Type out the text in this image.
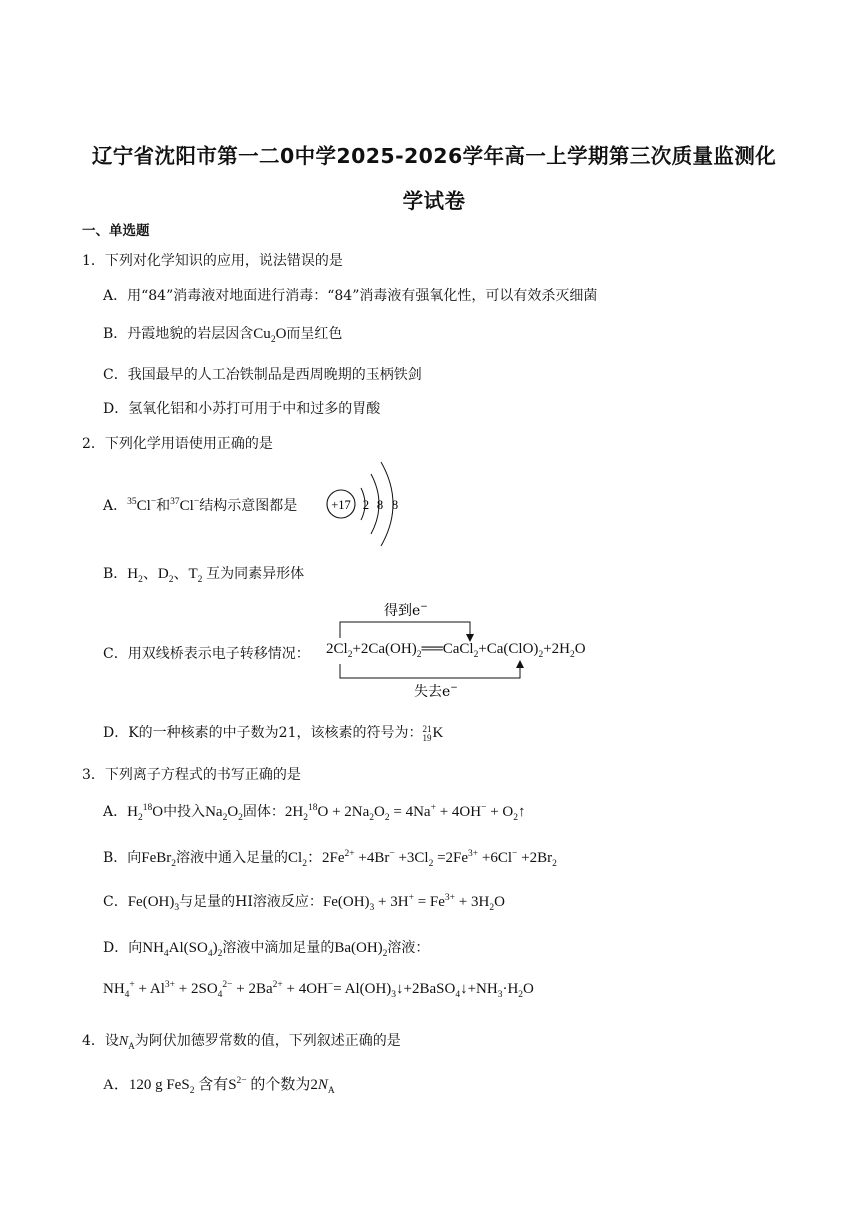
辽宁省沈阳市第一二0中学2025-2026学年高一上学期第三次质量监测化
学试卷
一、单选题
1．下列对化学知识的应用，说法错误的是
A．用“84”消毒液对地面进行消毒：“84”消毒液有强氧化性，可以有效杀灭细菌
B．丹霞地貌的岩层因含$Cu_2O$而呈红色
C．我国最早的人工冶铁制品是西周晚期的玉柄铁剑
D．氢氧化铝和小苏打可用于中和过多的胃酸
2．下列化学用语使用正确的是
A．$^{35}$Cl−和$^{37}$Cl−结构示意图都是	+17 2 8 8
B．$H_2$、$D_2$、$T_2$ 互为同素异形体
得到e−
失去e−
C．用双线桥表示电子转移情况： $2Cl_2+2Ca(OH)_2══CaCl_2+Ca(ClO)_2+2H_2O$
D．K的一种核素的中子数为21，该核素的符号为：21
19K
3．下列离子方程式的书写正确的是
A．$H_2^{18}O$中投入$Na_2O_2$固体：$2H_2^{18}O + 2Na_2O_2 = 4Na^+ + 4OH^-$ + $O_2↑$
B．向FeBr$_2$溶液中通入足量的$Cl_2$：$2Fe^{2+} +4Br^- +3Cl_2 =2Fe^{3+} +6Cl^- +2Br_2$
C．$Fe(OH)_3$与足量的HI溶液反应：$Fe(OH)_3 + 3H^+ = Fe^{3+} + 3H_2O$
D．向$NH_4Al(SO_4)_2$溶液中滴加足量的$Ba(OH)_2$溶液：
$NH_4^+ + Al^{3+} + 2SO_4^{2-} + 2Ba^{2+} + 4OH^-=$ $Al(OH)_3↓+2BaSO_4↓+NH_3\cdot H_2O$
4．设$N_A$为阿伏加德罗常数的值，下列叙述正确的是
A．120 g FeS$_2$ 含有$S^{2-}$ 的个数为$2N_A$
